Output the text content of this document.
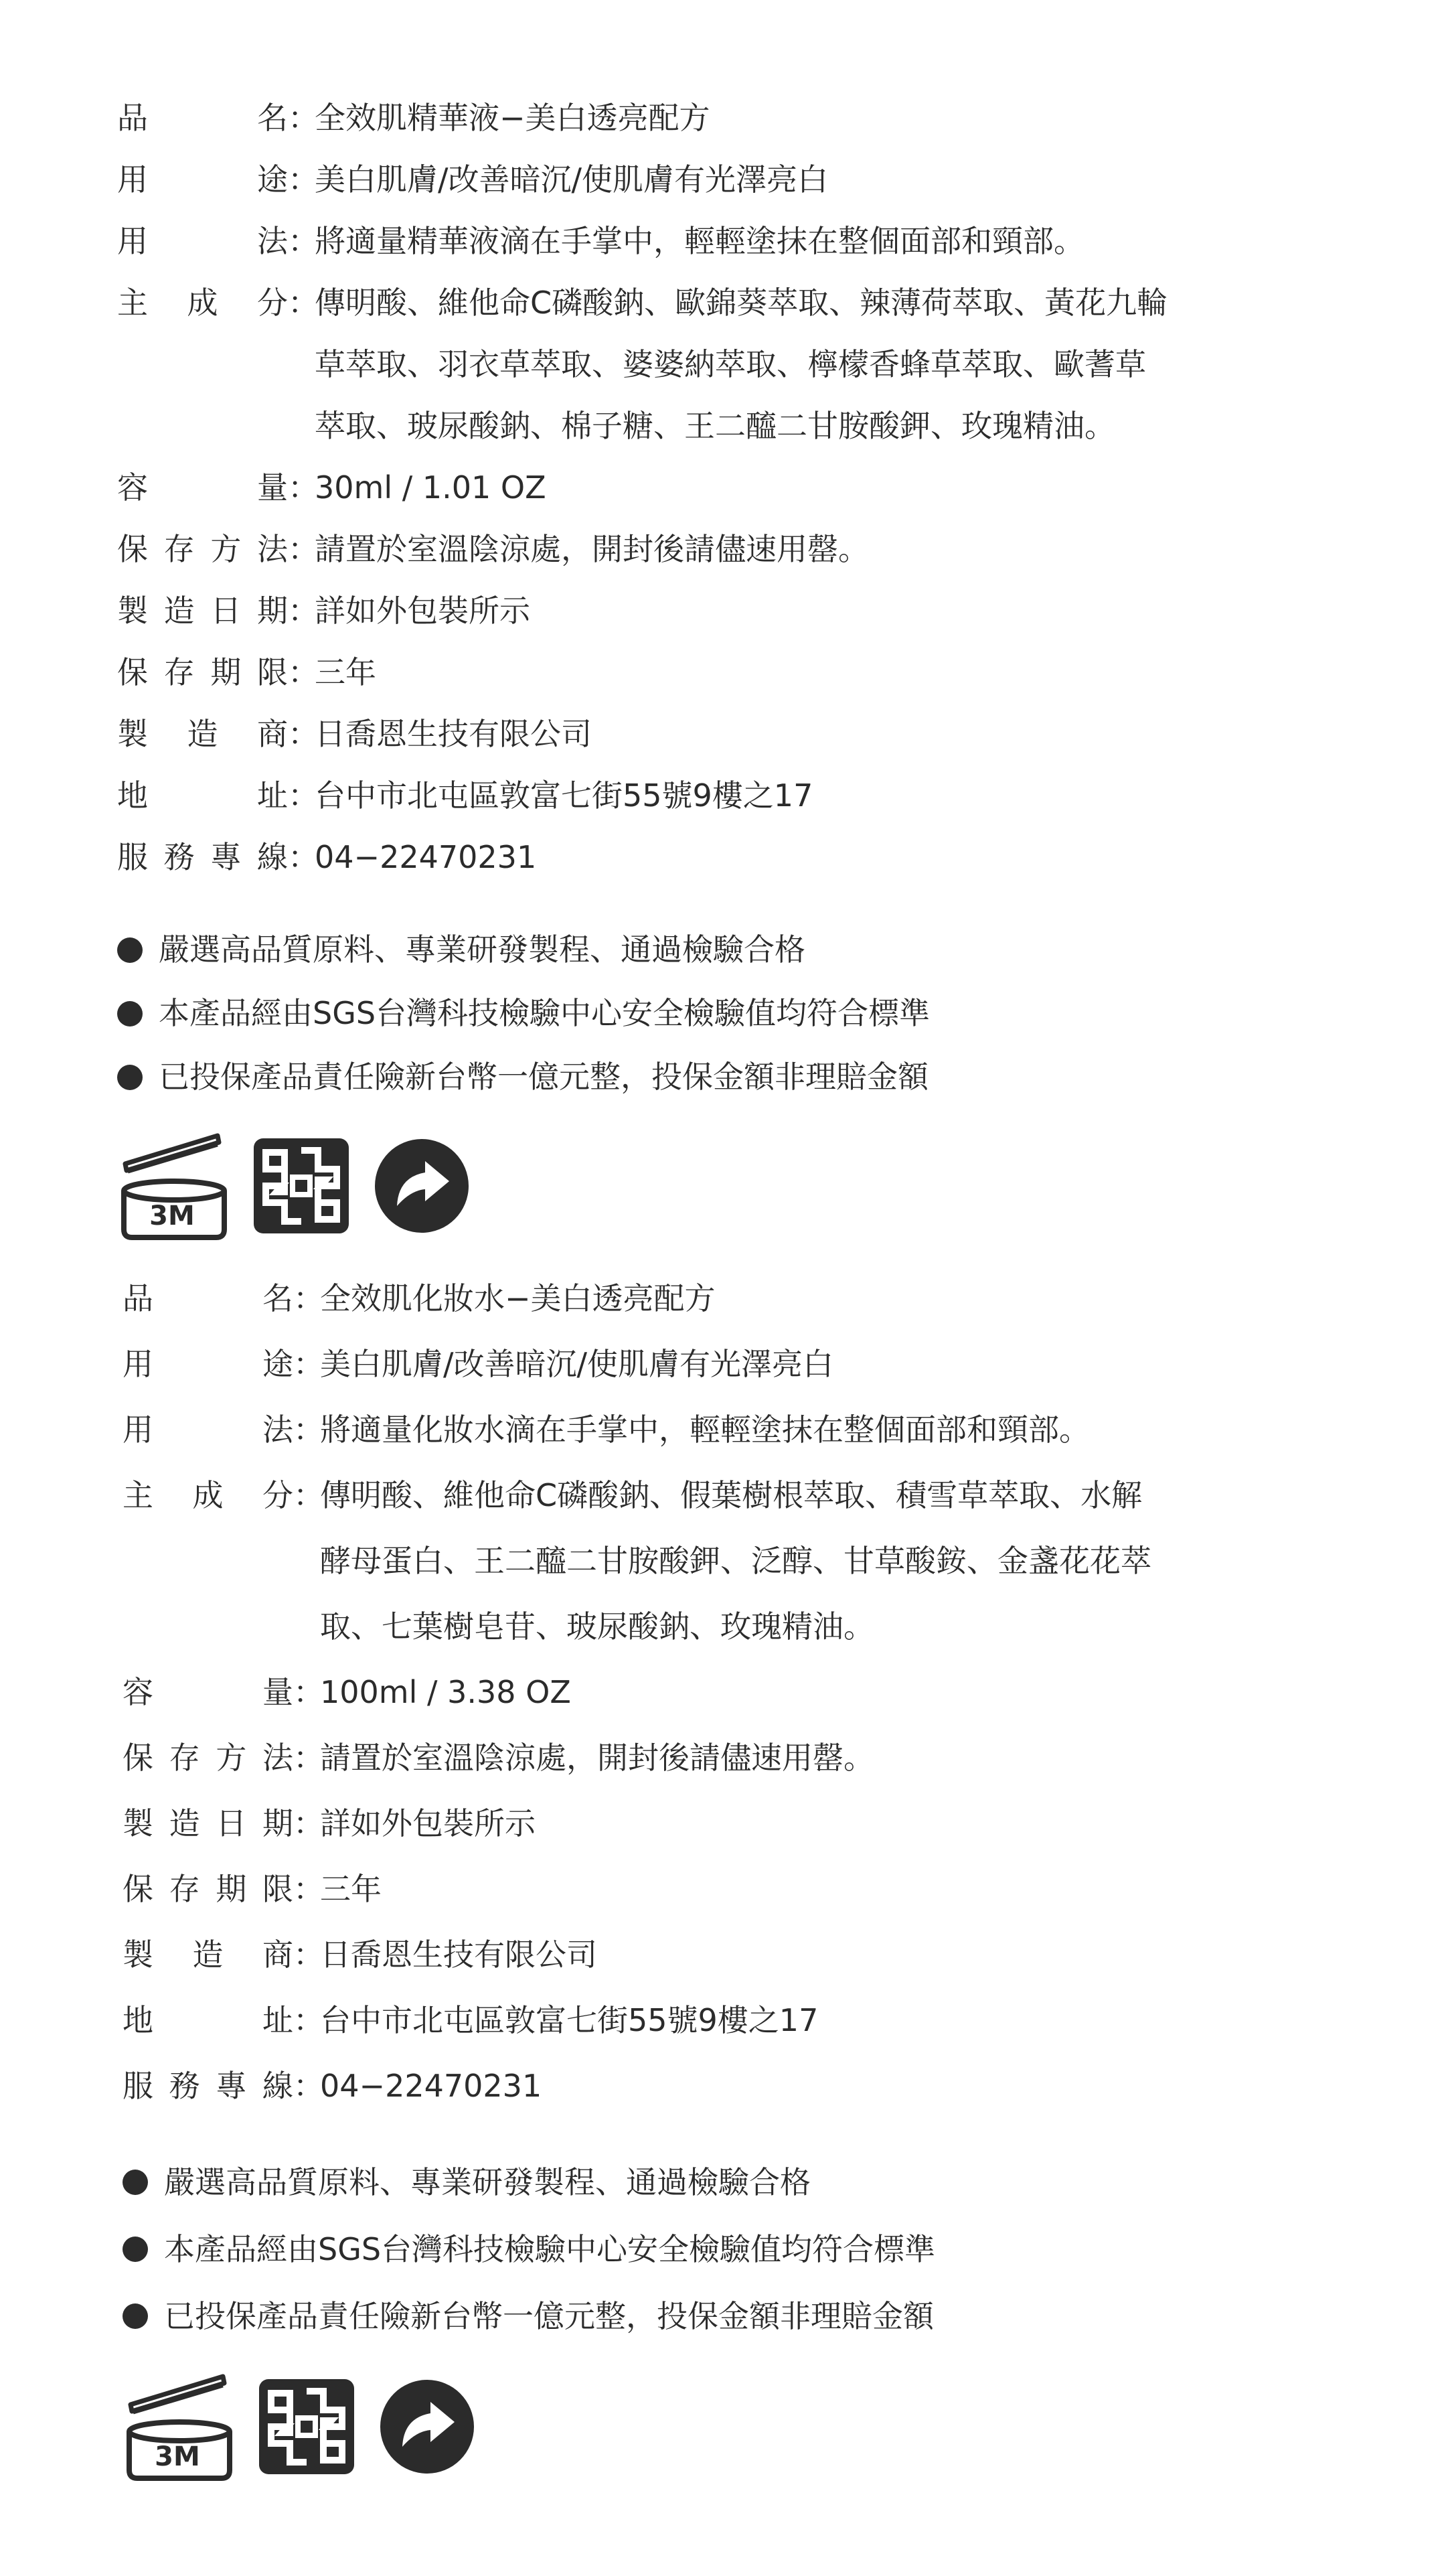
品	名 ：
全效肌精華液−美白透亮配方
用	途 ：
美白肌膚/改善暗沉/使肌膚有光澤亮白
用	法 ：
將適量精華液滴在手掌中，輕輕塗抹在整個面部和頸部。
主 成 分 ：
傳明酸、維他命C磷酸鈉、歐錦葵萃取、辣薄荷萃取、黃花九輪
草萃取、羽衣草萃取、婆婆納萃取、檸檬香蜂草萃取、歐蓍草
萃取、玻尿酸鈉、棉子糖、王二醯二甘胺酸鉀、玫瑰精油。
容	量 ：
30ml / 1.01 OZ
保 存 方 法 ：
請置於室溫陰涼處，開封後請儘速用罄。
製 造 日 期 ：
詳如外包裝所示
保 存 期 限 ：
三年
製 造 商 ：
日喬恩生技有限公司
地	址 ：
台中市北屯區敦富七街55號9樓之17
服 務 專 線 ：
04−22470231
嚴選高品質原料、專業研發製程、通過檢驗合格
本產品經由SGS台灣科技檢驗中心安全檢驗值均符合標準
已投保產品責任險新台幣一億元整，投保金額非理賠金額
3M
品	名 ：
全效肌化妝水−美白透亮配方
用	途 ：
美白肌膚/改善暗沉/使肌膚有光澤亮白
用	法 ：
將適量化妝水滴在手掌中，輕輕塗抹在整個面部和頸部。
主 成 分 ：
傳明酸、維他命C磷酸鈉、假葉樹根萃取、積雪草萃取、水解
酵母蛋白、王二醯二甘胺酸鉀、泛醇、甘草酸銨、金盞花花萃
取、七葉樹皂苷、玻尿酸鈉、玫瑰精油。
容	量 ：
100ml / 3.38 OZ
保 存 方 法 ：
請置於室溫陰涼處，開封後請儘速用罄。
製 造 日 期 ：
詳如外包裝所示
保 存 期 限 ：
三年
製 造 商 ：
日喬恩生技有限公司
地	址 ：
台中市北屯區敦富七街55號9樓之17
服 務 專 線 ：
04−22470231
嚴選高品質原料、專業研發製程、通過檢驗合格
本產品經由SGS台灣科技檢驗中心安全檢驗值均符合標準
已投保產品責任險新台幣一億元整，投保金額非理賠金額
3M
